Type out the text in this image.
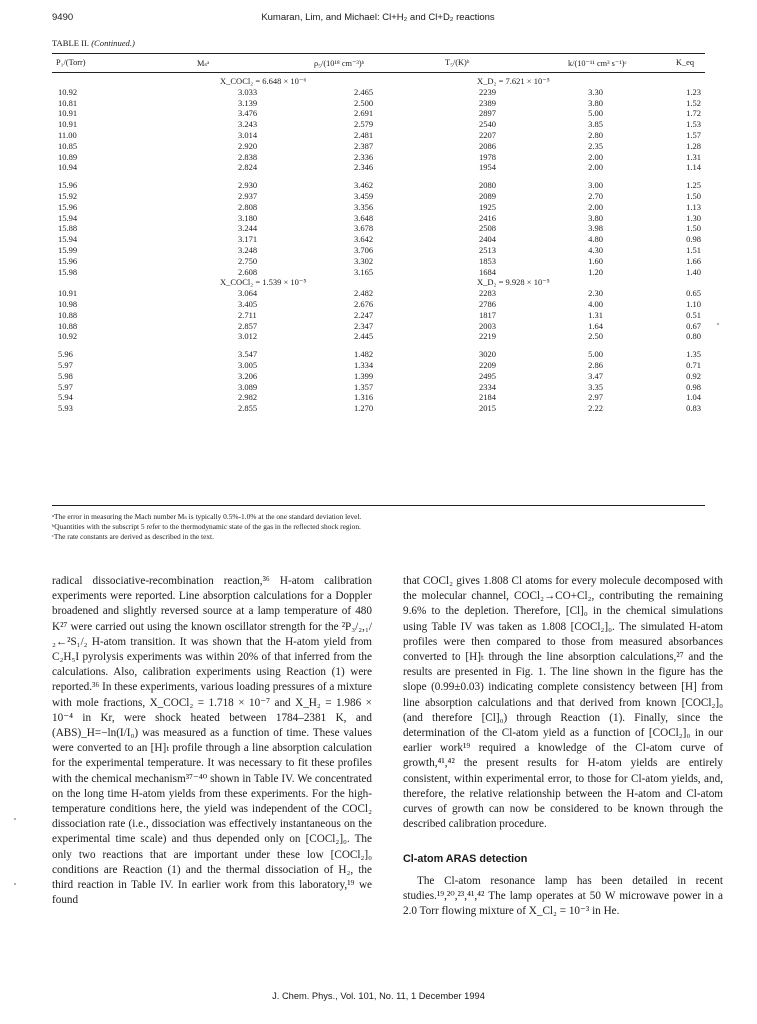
9490	Kumaran, Lim, and Michael: Cl+H₂ and Cl+D₂ reactions
TABLE II. (Continued.)
P₁/(Torr)	Mₛᵃ	ρ₅/(10¹⁸ cm⁻³)ᵇ	T₅/(K)ᵇ	k/(10⁻¹¹ cm³ s⁻¹)ᶜ	K_eq
	X_COCl₂ = 6.648 × 10⁻⁶		X_D₂ = 7.621 × 10⁻⁵		
10.92	3.033	2.465	2239	3.30	1.23
10.81	3.139	2.500	2389	3.80	1.52
10.91	3.476	2.691	2897	5.00	1.72
10.91	3.243	2.579	2540	3.85	1.53
11.00	3.014	2.481	2207	2.80	1.57
10.85	2.920	2.387	2086	2.35	1.28
10.89	2.838	2.336	1978	2.00	1.31
10.94	2.824	2.346	1954	2.00	1.14

15.96	2.930	3.462	2080	3.00	1.25
15.92	2.937	3.459	2089	2.70	1.50
15.96	2.808	3.356	1925	2.00	1.13
15.94	3.180	3.648	2416	3.80	1.30
15.88	3.244	3.678	2508	3.98	1.50
15.94	3.171	3.642	2404	4.80	0.98
15.99	3.248	3.706	2513	4.30	1.51
15.96	2.750	3.302	1853	1.60	1.66
15.98	2.608	3.165	1684	1.20	1.40
	X_COCl₂ = 1.539 × 10⁻⁵		X_D₂ = 9.928 × 10⁻⁵		
10.91	3.064	2.482	2283	2.30	0.65
10.98	3.405	2.676	2786	4.00	1.10
10.88	2.711	2.247	1817	1.31	0.51
10.88	2.857	2.347	2003	1.64	0.67
10.92	3.012	2.445	2219	2.50	0.80

5.96	3.547	1.482	3020	5.00	1.35
5.97	3.005	1.334	2209	2.86	0.71
5.98	3.206	1.399	2495	3.47	0.92
5.97	3.089	1.357	2334	3.35	0.98
5.94	2.982	1.316	2184	2.97	1.04
5.93	2.855	1.270	2015	2.22	0.83
ᵃThe error in measuring the Mach number Mₛ is typically 0.5%-1.0% at the one standard deviation level.
ᵇQuantities with the subscript 5 refer to the thermodynamic state of the gas in the reflected shock region.
ᶜThe rate constants are derived as described in the text.

radical dissociative-recombination reaction,³⁶ H-atom calibration experiments were reported. Line absorption calculations for a Doppler broadened and slightly reversed source at a lamp temperature of 480 K²⁷ were carried out using the known oscillator strength for the ²P₃/₂,₁/₂←²S₁/₂ H-atom transition. It was shown that the H-atom yield from C₂H₅I pyrolysis experiments was within 20% of that inferred from the calculations. Also, calibration experiments using Reaction (1) were reported.³⁶ In these experiments, various loading pressures of a mixture with mole fractions, X_COCl₂ = 1.718 × 10⁻⁷ and X_H₂ = 1.986 × 10⁻⁴ in Kr, were shock heated between 1784–2381 K, and (ABS)_H=−ln(I/I₀) was measured as a function of time. These values were converted to an [H]ₜ profile through a line absorption calculation for the experimental temperature. It was necessary to fit these profiles with the chemical mechanism³⁷⁻⁴⁰ shown in Table IV. We concentrated on the long time H-atom yields from these experiments. For the high-temperature conditions here, the yield was independent of the COCl₂ dissociation rate (i.e., dissociation was effectively instantaneous on the experimental time scale) and thus depended only on [COCl₂]₀. The only two reactions that are important under these low [COCl₂]₀ conditions are Reaction (1) and the thermal dissociation of H₂, the third reaction in Table IV. In earlier work from this laboratory,¹⁹ we found

that COCl₂ gives 1.808 Cl atoms for every molecule decomposed with the molecular channel, COCl₂→CO+Cl₂, contributing the remaining 9.6% to the depletion. Therefore, [Cl]₀ in the chemical simulations using Table IV was taken as 1.808 [COCl₂]₀. The simulated H-atom profiles were then compared to those from measured absorbances converted to [H]ₜ through the line absorption calculations,²⁷ and the results are presented in Fig. 1. The line shown in the figure has the slope (0.99±0.03) indicating complete consistency between [H] from line absorption calculations and that derived from known [COCl₂]₀ (and therefore [Cl]₀) through Reaction (1). Finally, since the determination of the Cl-atom yield as a function of [COCl₂]₀ in our earlier work¹⁹ required a knowledge of the Cl-atom curve of growth,⁴¹,⁴² the present results for H-atom yields are entirely consistent, within experimental error, to those for Cl-atom yields, and, therefore, the relative relationship between the H-atom and Cl-atom curves of growth can now be considered to be known through the described calibration procedure.

Cl-atom ARAS detection

The Cl-atom resonance lamp has been detailed in recent studies.¹⁹,²⁰,²³,⁴¹,⁴² The lamp operates at 50 W microwave power in a 2.0 Torr flowing mixture of X_Cl₂ = 10⁻³ in He.

J. Chem. Phys., Vol. 101, No. 11, 1 December 1994
